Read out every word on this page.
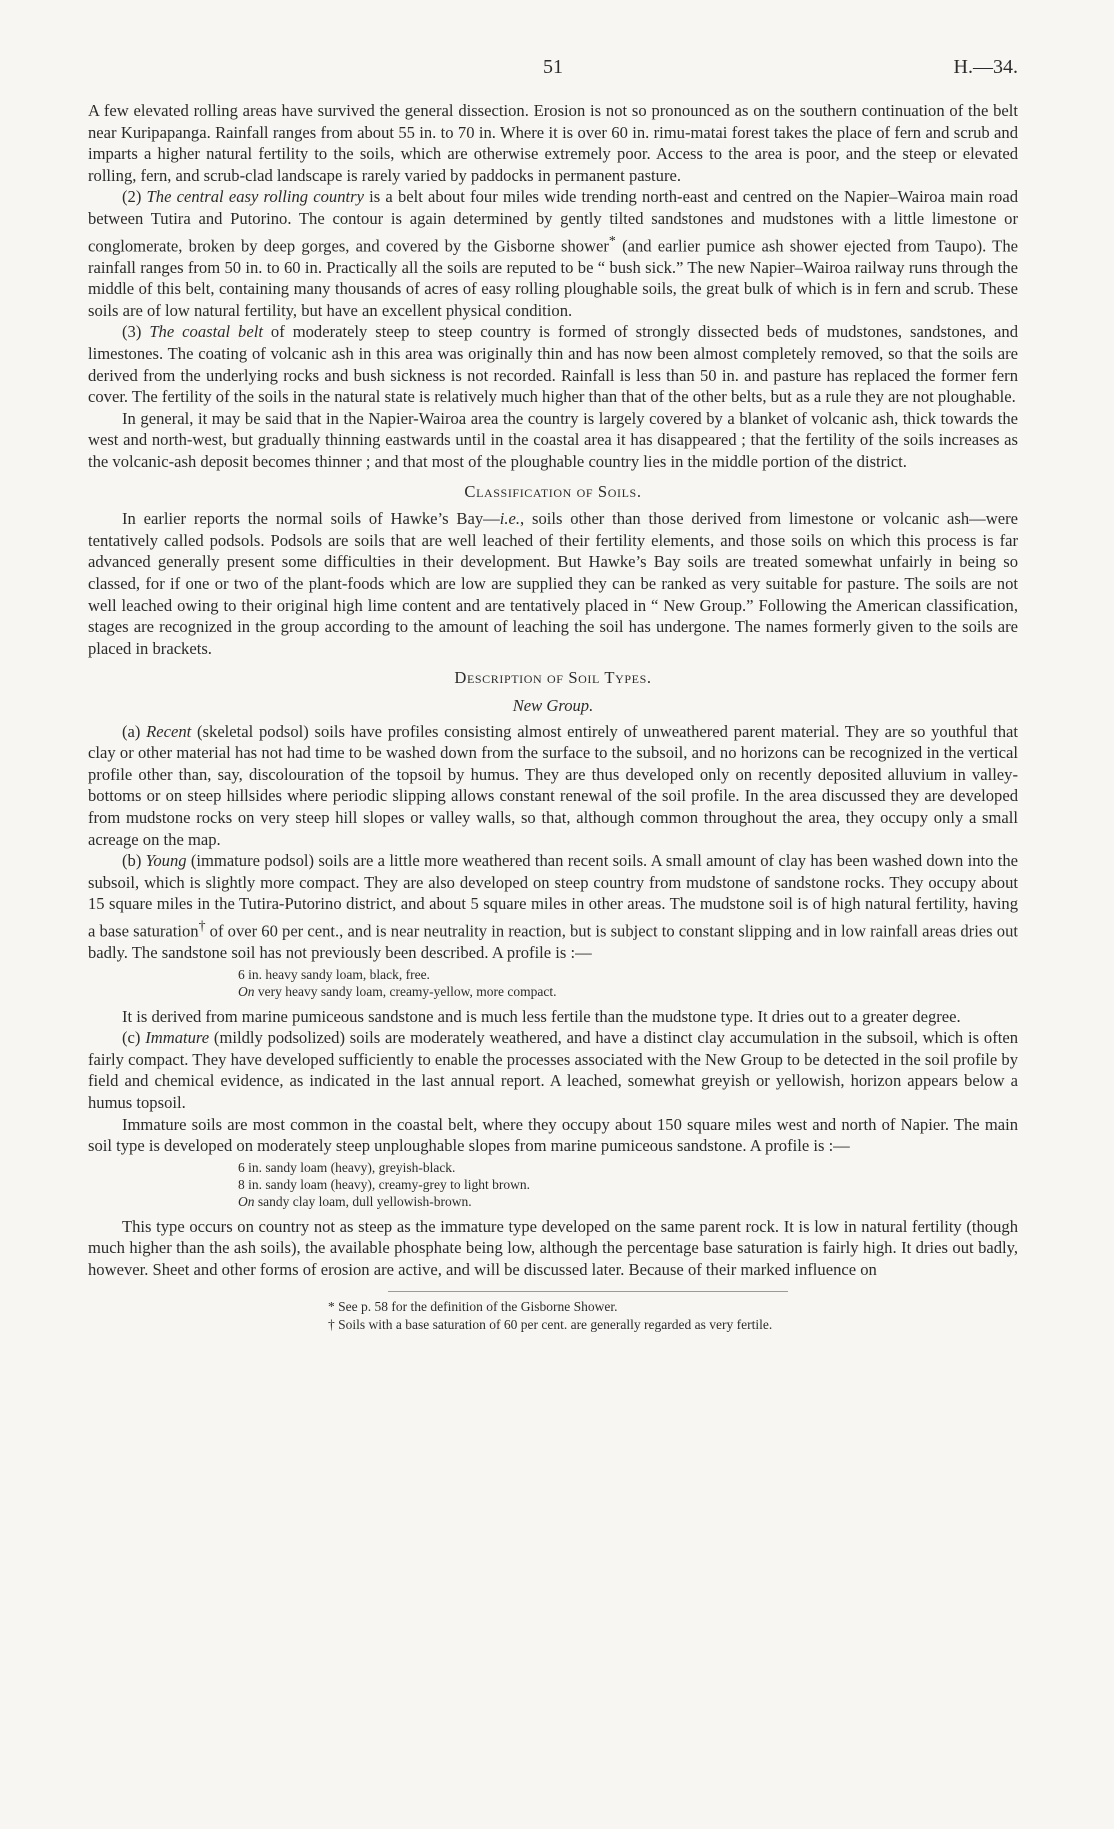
51	H.—34.

A few elevated rolling areas have survived the general dissection. Erosion is not so pronounced as on the southern continuation of the belt near Kuripapanga. Rainfall ranges from about 55 in. to 70 in. Where it is over 60 in. rimu-matai forest takes the place of fern and scrub and imparts a higher natural fertility to the soils, which are otherwise extremely poor. Access to the area is poor, and the steep or elevated rolling, fern, and scrub-clad landscape is rarely varied by paddocks in permanent pasture.

(2) The central easy rolling country is a belt about four miles wide trending north-east and centred on the Napier–Wairoa main road between Tutira and Putorino. The contour is again determined by gently tilted sandstones and mudstones with a little limestone or conglomerate, broken by deep gorges, and covered by the Gisborne shower* (and earlier pumice ash shower ejected from Taupo). The rainfall ranges from 50 in. to 60 in. Practically all the soils are reputed to be “ bush sick.” The new Napier–Wairoa railway runs through the middle of this belt, containing many thousands of acres of easy rolling ploughable soils, the great bulk of which is in fern and scrub. These soils are of low natural fertility, but have an excellent physical condition.

(3) The coastal belt of moderately steep to steep country is formed of strongly dissected beds of mudstones, sandstones, and limestones. The coating of volcanic ash in this area was originally thin and has now been almost completely removed, so that the soils are derived from the underlying rocks and bush sickness is not recorded. Rainfall is less than 50 in. and pasture has replaced the former fern cover. The fertility of the soils in the natural state is relatively much higher than that of the other belts, but as a rule they are not ploughable.

In general, it may be said that in the Napier-Wairoa area the country is largely covered by a blanket of volcanic ash, thick towards the west and north-west, but gradually thinning eastwards until in the coastal area it has disappeared ; that the fertility of the soils increases as the volcanic-ash deposit becomes thinner ; and that most of the ploughable country lies in the middle portion of the district.

Classification of Soils.

In earlier reports the normal soils of Hawke’s Bay—i.e., soils other than those derived from limestone or volcanic ash—were tentatively called podsols. Podsols are soils that are well leached of their fertility elements, and those soils on which this process is far advanced generally present some difficulties in their development. But Hawke’s Bay soils are treated somewhat unfairly in being so classed, for if one or two of the plant-foods which are low are supplied they can be ranked as very suitable for pasture. The soils are not well leached owing to their original high lime content and are tentatively placed in “ New Group.” Following the American classification, stages are recognized in the group according to the amount of leaching the soil has undergone. The names formerly given to the soils are placed in brackets.

Description of Soil Types.
New Group.

(a) Recent (skeletal podsol) soils have profiles consisting almost entirely of unweathered parent material. They are so youthful that clay or other material has not had time to be washed down from the surface to the subsoil, and no horizons can be recognized in the vertical profile other than, say, discolouration of the topsoil by humus. They are thus developed only on recently deposited alluvium in valley-bottoms or on steep hillsides where periodic slipping allows constant renewal of the soil profile. In the area discussed they are developed from mudstone rocks on very steep hill slopes or valley walls, so that, although common throughout the area, they occupy only a small acreage on the map.

(b) Young (immature podsol) soils are a little more weathered than recent soils. A small amount of clay has been washed down into the subsoil, which is slightly more compact. They are also developed on steep country from mudstone of sandstone rocks. They occupy about 15 square miles in the Tutira-Putorino district, and about 5 square miles in other areas. The mudstone soil is of high natural fertility, having a base saturation† of over 60 per cent., and is near neutrality in reaction, but is subject to constant slipping and in low rainfall areas dries out badly. The sandstone soil has not previously been described. A profile is :—

6 in. heavy sandy loam, black, free.
On very heavy sandy loam, creamy-yellow, more compact.

It is derived from marine pumiceous sandstone and is much less fertile than the mudstone type. It dries out to a greater degree.

(c) Immature (mildly podsolized) soils are moderately weathered, and have a distinct clay accumulation in the subsoil, which is often fairly compact. They have developed sufficiently to enable the processes associated with the New Group to be detected in the soil profile by field and chemical evidence, as indicated in the last annual report. A leached, somewhat greyish or yellowish, horizon appears below a humus topsoil.

Immature soils are most common in the coastal belt, where they occupy about 150 square miles west and north of Napier. The main soil type is developed on moderately steep unploughable slopes from marine pumiceous sandstone. A profile is :—

6 in. sandy loam (heavy), greyish-black.
8 in. sandy loam (heavy), creamy-grey to light brown.
On sandy clay loam, dull yellowish-brown.

This type occurs on country not as steep as the immature type developed on the same parent rock. It is low in natural fertility (though much higher than the ash soils), the available phosphate being low, although the percentage base saturation is fairly high. It dries out badly, however. Sheet and other forms of erosion are active, and will be discussed later. Because of their marked influence on

* See p. 58 for the definition of the Gisborne Shower.
† Soils with a base saturation of 60 per cent. are generally regarded as very fertile.
